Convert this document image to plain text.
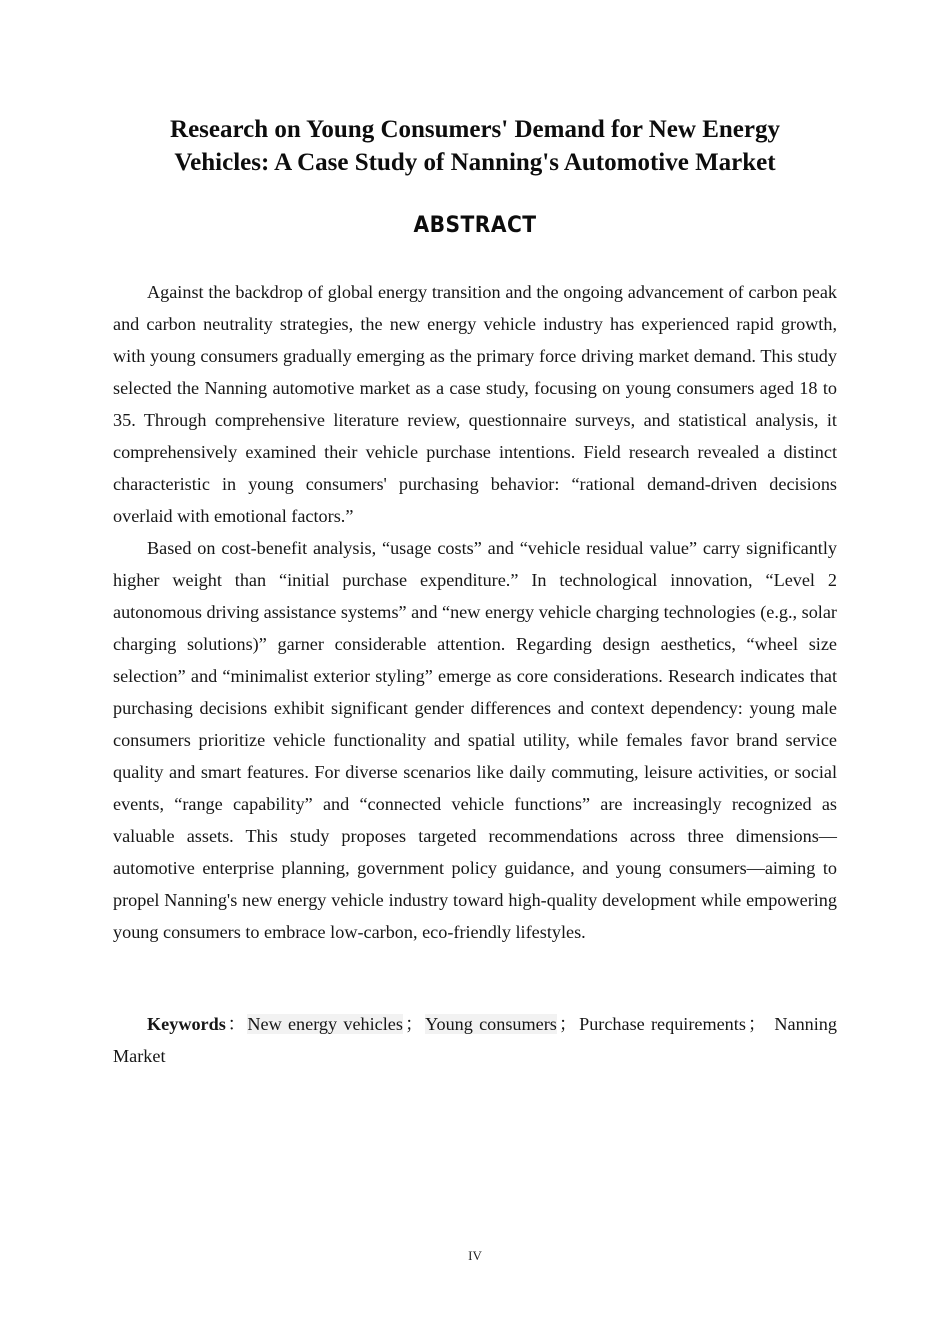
Research on Young Consumers' Demand for New Energy
Vehicles: A Case Study of Nanning's Automotive Market
ABSTRACT

Against the backdrop of global energy transition and the ongoing advancement of carbon peak and carbon neutrality strategies, the new energy vehicle industry has experienced rapid growth, with young consumers gradually emerging as the primary force driving market demand. This study selected the Nanning automotive market as a case study, focusing on young consumers aged 18 to 35. Through comprehensive literature review, questionnaire surveys, and statistical analysis, it comprehensively examined their vehicle purchase intentions. Field research revealed a distinct characteristic in young consumers' purchasing behavior: “rational demand-driven decisions overlaid with emotional factors.”

Based on cost-benefit analysis, “usage costs” and “vehicle residual value” carry significantly higher weight than “initial purchase expenditure.” In technological innovation, “Level 2 autonomous driving assistance systems” and “new energy vehicle charging technologies (e.g., solar charging solutions)” garner considerable attention. Regarding design aesthetics, “wheel size selection” and “minimalist exterior styling” emerge as core considerations. Research indicates that purchasing decisions exhibit significant gender differences and context dependency: young male consumers prioritize vehicle functionality and spatial utility, while females favor brand service quality and smart features. For diverse scenarios like daily commuting, leisure activities, or social events, “range capability” and “connected vehicle functions” are increasingly recognized as valuable assets. This study proposes targeted recommendations across three dimensions—automotive enterprise planning, government policy guidance, and young consumers—aiming to propel Nanning's new energy vehicle industry toward high-quality development while empowering young consumers to embrace low-carbon, eco-friendly lifestyles.

Keywords：New energy vehicles ； Young consumers ； Purchase requirements ； Nanning Market
IV
